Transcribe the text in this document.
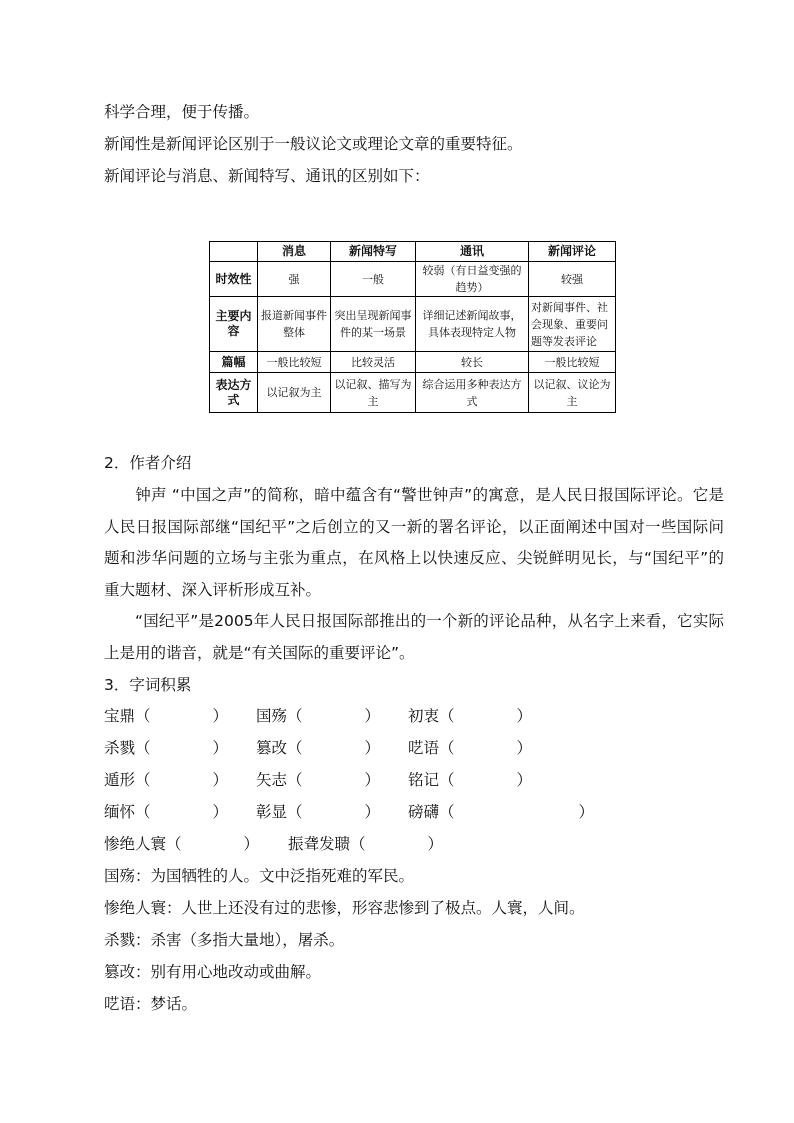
科学合理，便于传播。
新闻性是新闻评论区别于一般议论文或理论文章的重要特征。
新闻评论与消息、新闻特写、通讯的区别如下：
	消息	新闻特写	通讯	新闻评论
时效性	强	一般	较弱（有日益变强的趋势）	较强
主要内容	报道新闻事件整体	突出呈现新闻事件的某一场景	详细记述新闻故事，具体表现特定人物	对新闻事件、社会现象、重要问题等发表评论
篇幅	一般比较短	比较灵活	较长	一般比较短
表达方式	以记叙为主	以记叙、描写为主	综合运用多种表达方式	以记叙、议论为主
2．作者介绍
钟声 “中国之声”的简称，暗中蕴含有“警世钟声”的寓意，是人民日报国际评论。它是人民日报国际部继“国纪平”之后创立的又一新的署名评论，以正面阐述中国对一些国际问题和涉华问题的立场与主张为重点，在风格上以快速反应、尖锐鲜明见长，与“国纪平”的重大题材、深入评析形成互补。
“国纪平”是2005年人民日报国际部推出的一个新的评论品种，从名字上来看，它实际上是用的谐音，就是“有关国际的重要评论”。
3．字词积累
宝鼎（　　　　） 国殇（　　　　） 初衷（　　　　）
杀戮（　　　　） 篡改（　　　　） 呓语（　　　　）
遁形（　　　　） 矢志（　　　　） 铭记（　　　　）
缅怀（　　　　） 彰显（　　　　） 磅礴（　　　　　　　　）
惨绝人寰（　　　　） 振聋发聩（　　　　）
国殇：为国牺牲的人。文中泛指死难的军民。
惨绝人寰：人世上还没有过的悲惨，形容悲惨到了极点。人寰，人间。
杀戮：杀害（多指大量地），屠杀。
篡改：别有用心地改动或曲解。
呓语：梦话。
